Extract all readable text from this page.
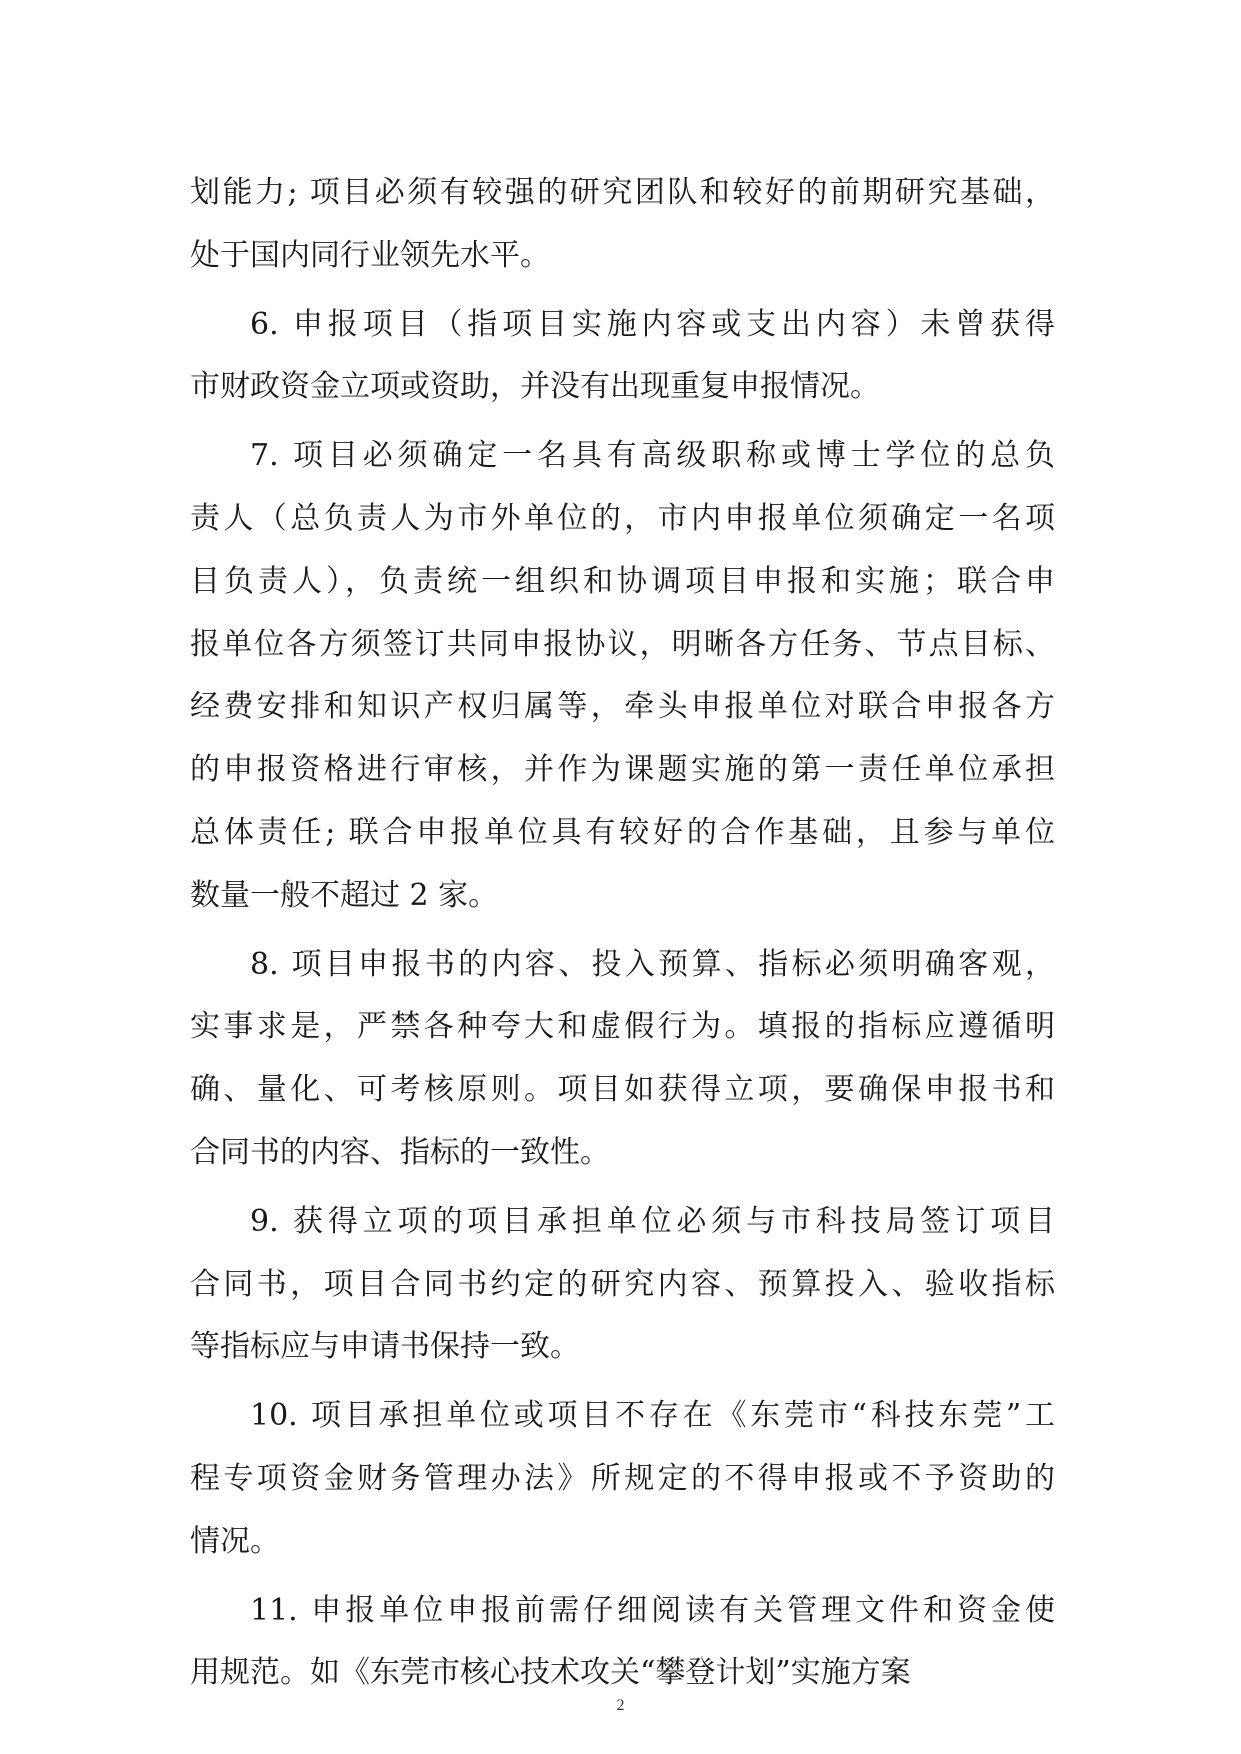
划能力; 项目必须有较强的研究团队和较好的前期研究基础，
处于国内同行业领先水平。

6. 申报项目（指项目实施内容或支出内容）未曾获得
市财政资金立项或资助，并没有出现重复申报情况。

7. 项目必须确定一名具有高级职称或博士学位的总负
责人（总负责人为市外单位的，市内申报单位须确定一名项
目负责人），负责统一组织和协调项目申报和实施；联合申
报单位各方须签订共同申报协议，明晰各方任务、节点目标、
经费安排和知识产权归属等，牵头申报单位对联合申报各方
的申报资格进行审核，并作为课题实施的第一责任单位承担
总体责任; 联合申报单位具有较好的合作基础，且参与单位
数量一般不超过 2 家。

8. 项目申报书的内容、投入预算、指标必须明确客观，
实事求是，严禁各种夸大和虚假行为。填报的指标应遵循明
确、量化、可考核原则。项目如获得立项，要确保申报书和
合同书的内容、指标的一致性。

9. 获得立项的项目承担单位必须与市科技局签订项目
合同书，项目合同书约定的研究内容、预算投入、验收指标
等指标应与申请书保持一致。

10. 项目承担单位或项目不存在《东莞市“科技东莞”工
程专项资金财务管理办法》所规定的不得申报或不予资助的
情况。

11. 申报单位申报前需仔细阅读有关管理文件和资金使
用规范。如《东莞市核心技术攻关“攀登计划”实施方案

2
